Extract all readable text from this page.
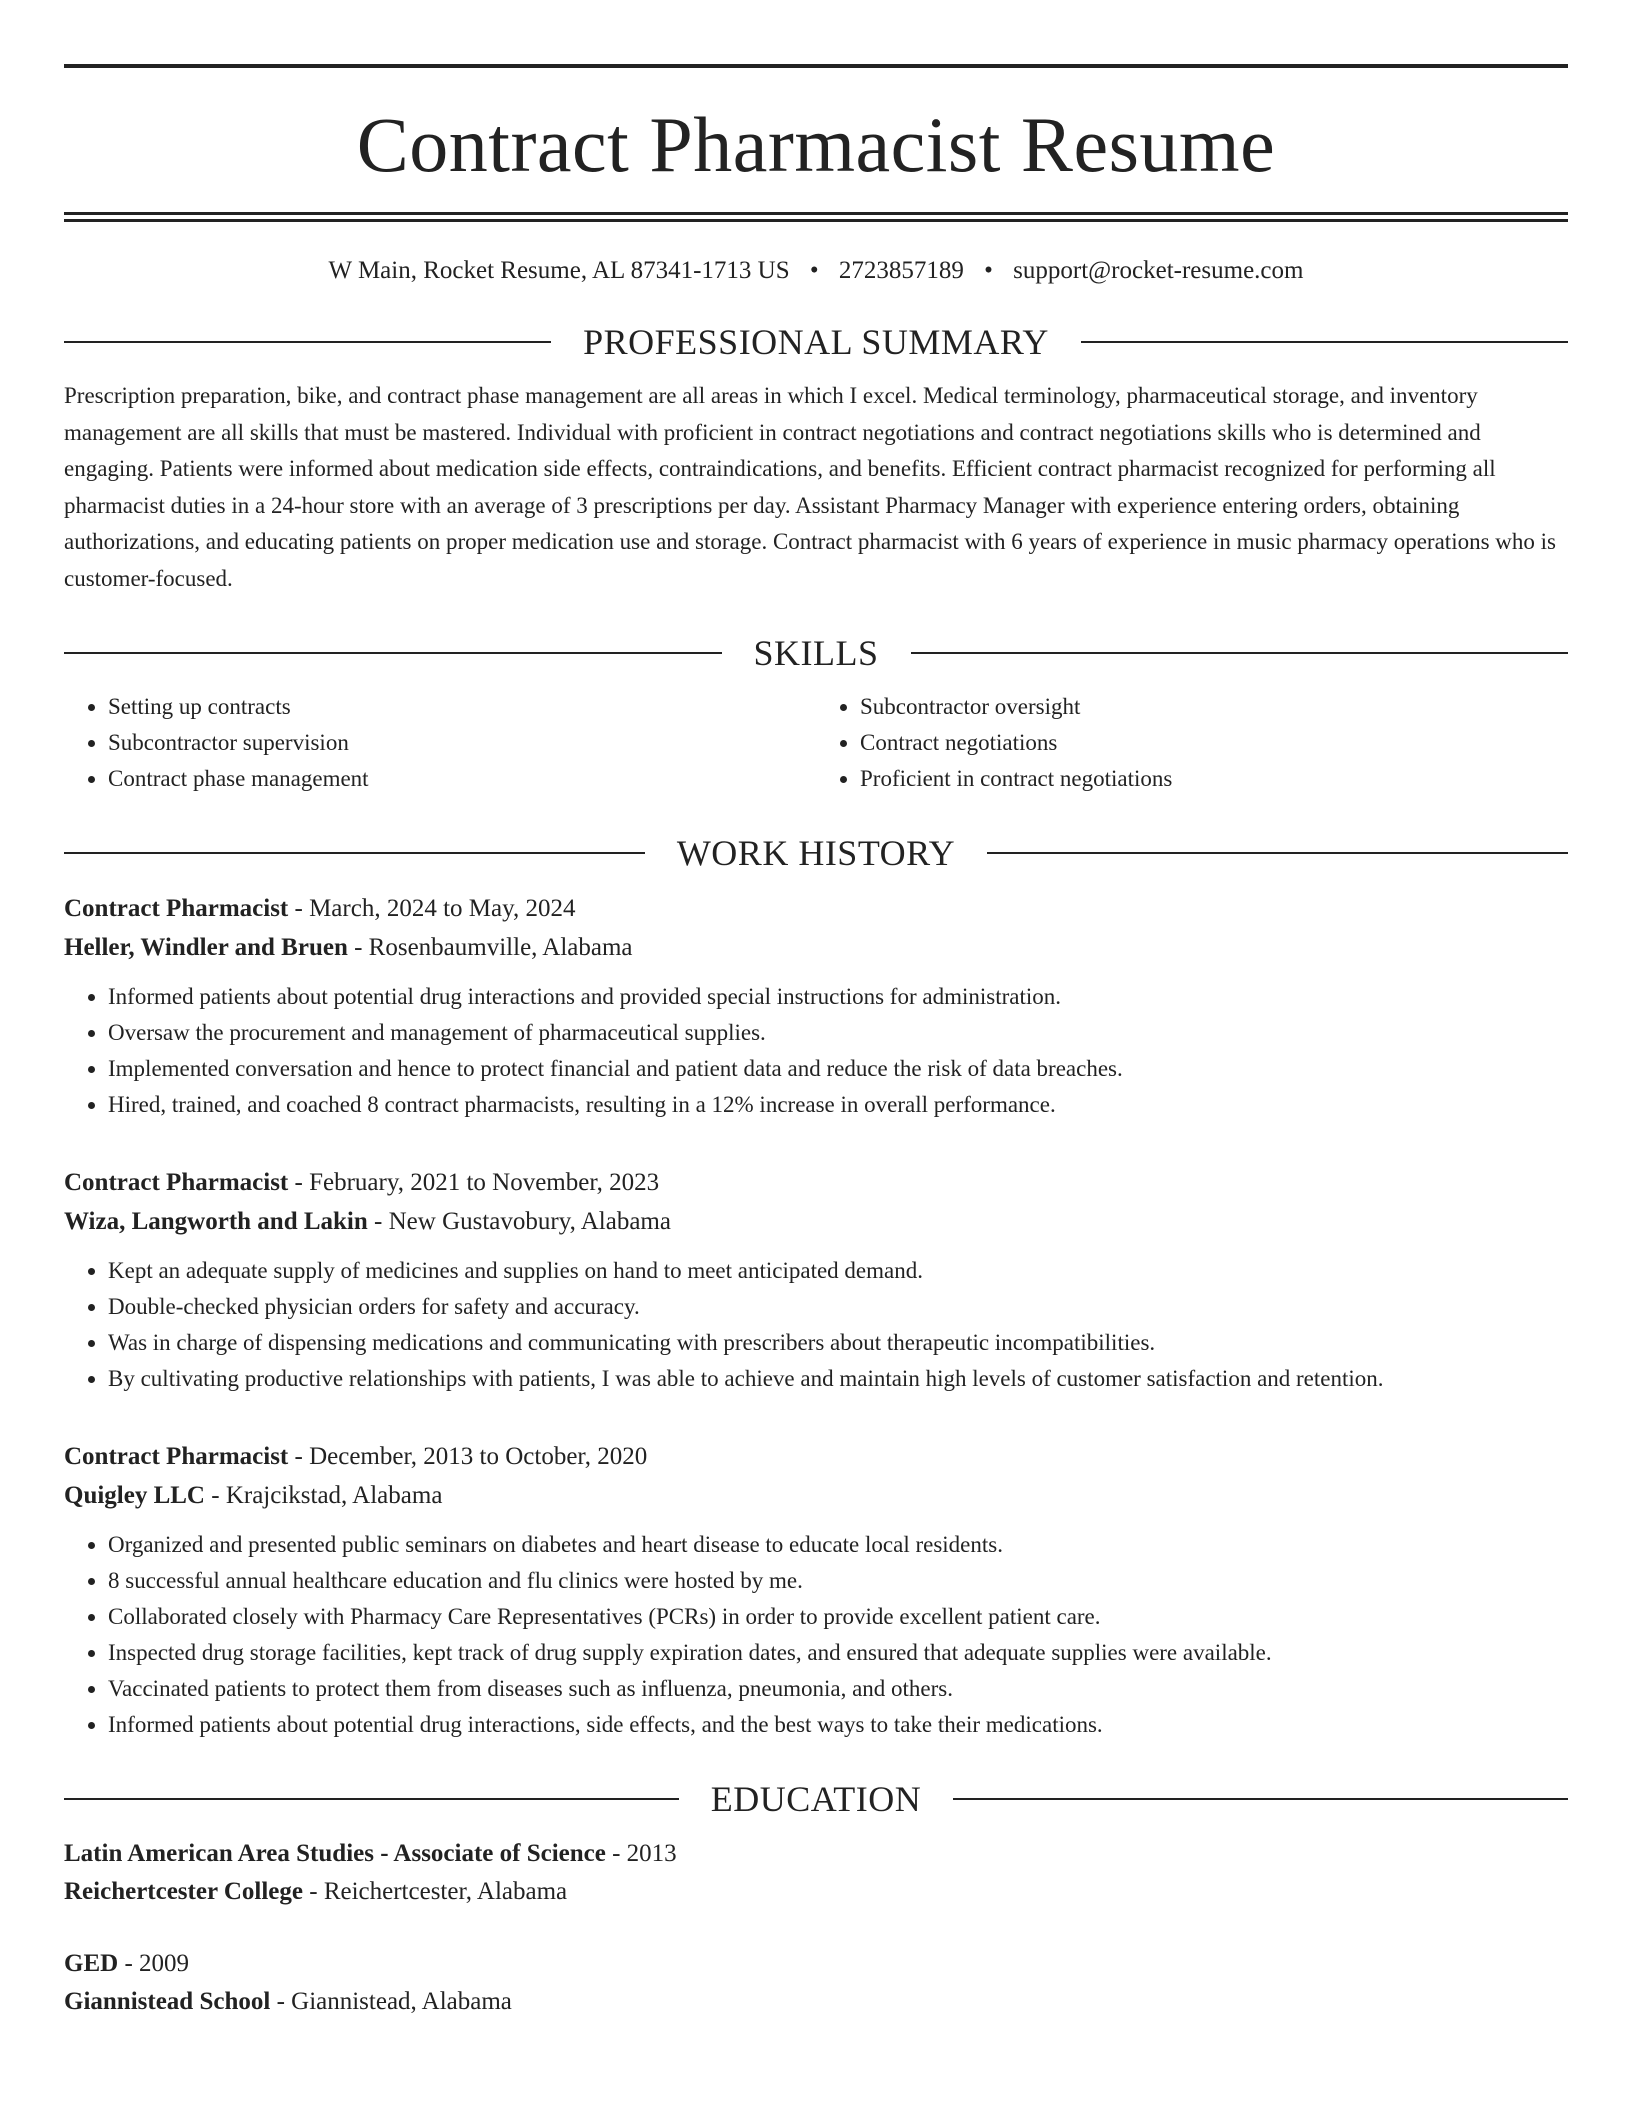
Contract Pharmacist Resume
W Main, Rocket Resume, AL 87341-1713 US • 2723857189 • support@rocket-resume.com
PROFESSIONAL SUMMARY

Prescription preparation, bike, and contract phase management are all areas in which I excel. Medical terminology, pharmaceutical storage, and inventory management are all skills that must be mastered. Individual with proficient in contract negotiations and contract negotiations skills who is determined and engaging. Patients were informed about medication side effects, contraindications, and benefits. Efficient contract pharmacist recognized for performing all pharmacist duties in a 24-hour store with an average of 3 prescriptions per day. Assistant Pharmacy Manager with experience entering orders, obtaining authorizations, and educating patients on proper medication use and storage. Contract pharmacist with 6 years of experience in music pharmacy operations who is customer-focused.

SKILLS
• Setting up contracts
• Subcontractor supervision
• Contract phase management
• Subcontractor oversight
• Contract negotiations
• Proficient in contract negotiations
WORK HISTORY
Contract Pharmacist - March, 2024 to May, 2024
Heller, Windler and Bruen - Rosenbaumville, Alabama
• Informed patients about potential drug interactions and provided special instructions for administration.
• Oversaw the procurement and management of pharmaceutical supplies.
• Implemented conversation and hence to protect financial and patient data and reduce the risk of data breaches.
• Hired, trained, and coached 8 contract pharmacists, resulting in a 12% increase in overall performance.
Contract Pharmacist - February, 2021 to November, 2023
Wiza, Langworth and Lakin - New Gustavobury, Alabama
• Kept an adequate supply of medicines and supplies on hand to meet anticipated demand.
• Double-checked physician orders for safety and accuracy.
• Was in charge of dispensing medications and communicating with prescribers about therapeutic incompatibilities.
• By cultivating productive relationships with patients, I was able to achieve and maintain high levels of customer satisfaction and retention.
Contract Pharmacist - December, 2013 to October, 2020
Quigley LLC - Krajcikstad, Alabama
• Organized and presented public seminars on diabetes and heart disease to educate local residents.
• 8 successful annual healthcare education and flu clinics were hosted by me.
• Collaborated closely with Pharmacy Care Representatives (PCRs) in order to provide excellent patient care.
• Inspected drug storage facilities, kept track of drug supply expiration dates, and ensured that adequate supplies were available.
• Vaccinated patients to protect them from diseases such as influenza, pneumonia, and others.
• Informed patients about potential drug interactions, side effects, and the best ways to take their medications.
EDUCATION
Latin American Area Studies - Associate of Science - 2013
Reichertcester College - Reichertcester, Alabama
GED - 2009
Giannistead School - Giannistead, Alabama
